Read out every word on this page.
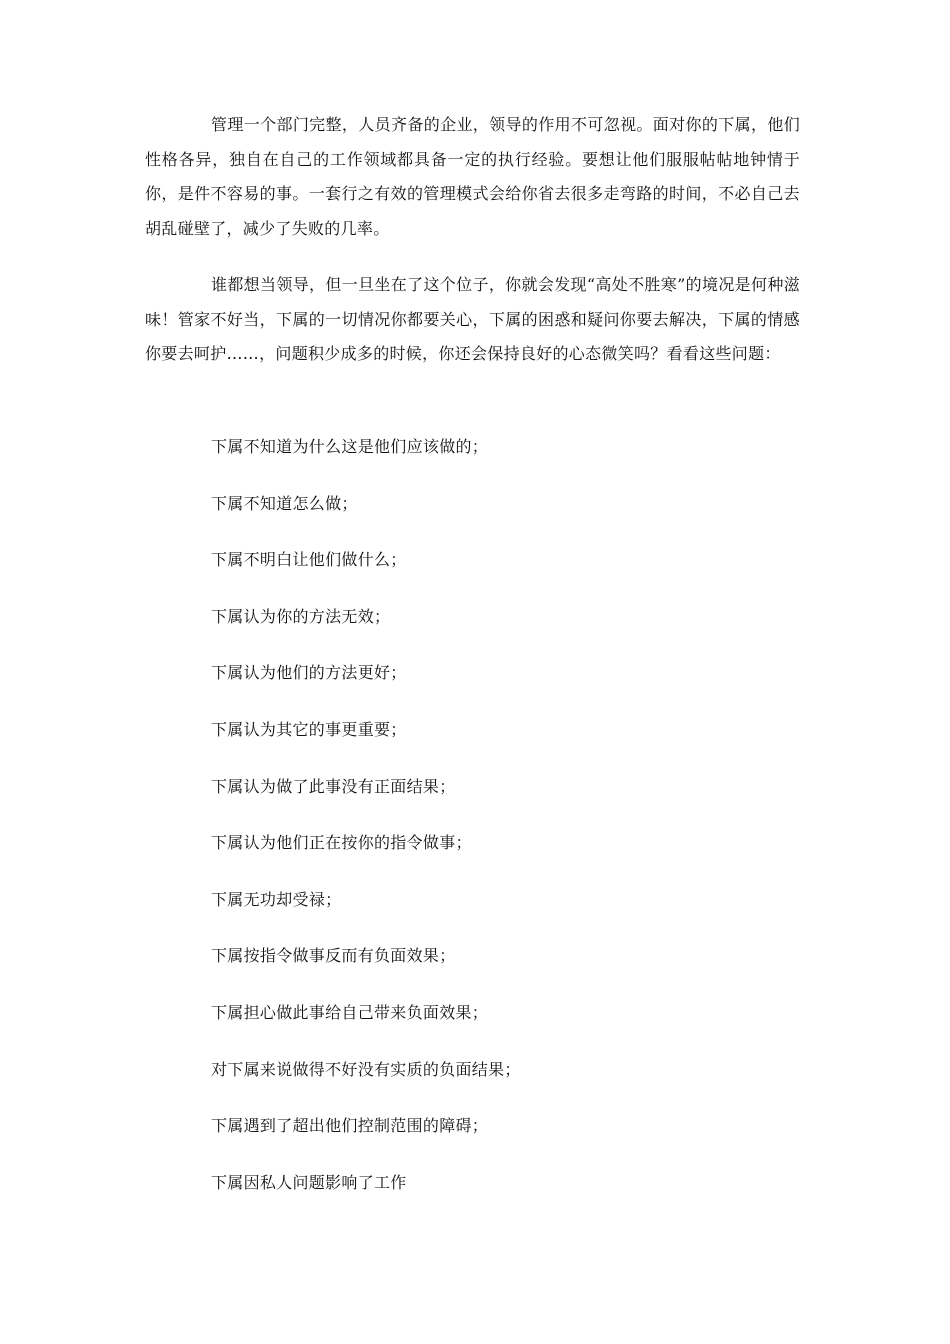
管理一个部门完整，人员齐备的企业，领导的作用不可忽视。面对你的下属，他们性格各异，独自在自己的工作领域都具备一定的执行经验。要想让他们服服帖帖地钟情于你，是件不容易的事。一套行之有效的管理模式会给你省去很多走弯路的时间，不必自己去胡乱碰壁了，减少了失败的几率。

谁都想当领导，但一旦坐在了这个位子，你就会发现“高处不胜寒”的境况是何种滋味！管家不好当，下属的一切情况你都要关心，下属的困惑和疑问你要去解决，下属的情感你要去呵护……，问题积少成多的时候，你还会保持良好的心态微笑吗？看看这些问题：

下属不知道为什么这是他们应该做的；
下属不知道怎么做；
下属不明白让他们做什么；
下属认为你的方法无效；
下属认为他们的方法更好；
下属认为其它的事更重要；
下属认为做了此事没有正面结果；
下属认为他们正在按你的指令做事；
下属无功却受禄；
下属按指令做事反而有负面效果；
下属担心做此事给自己带来负面效果；
对下属来说做得不好没有实质的负面结果；
下属遇到了超出他们控制范围的障碍；
下属因私人问题影响了工作
